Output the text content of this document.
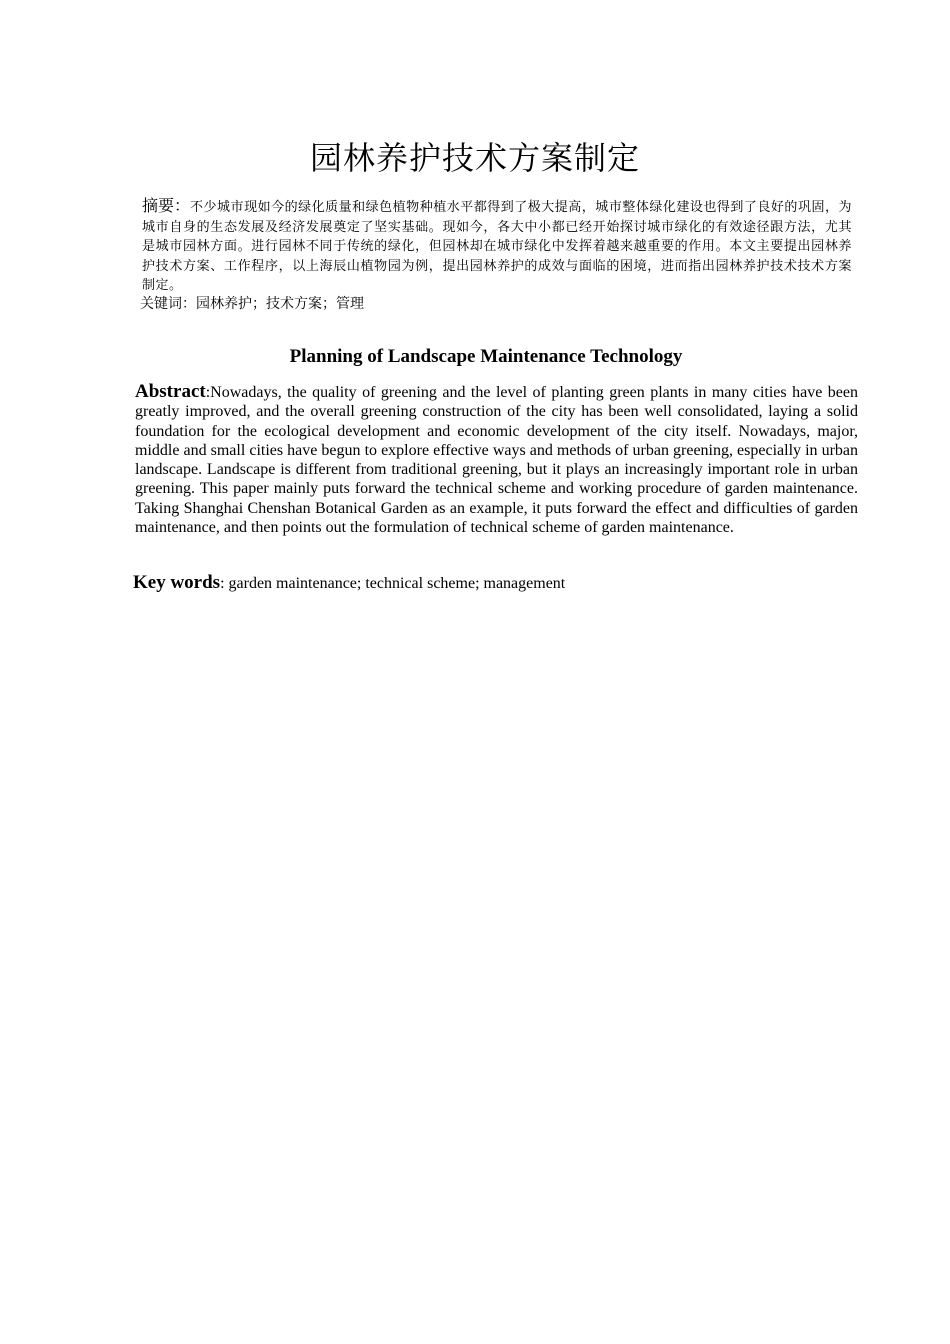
园林养护技术方案制定

摘要：不少城市现如今的绿化质量和绿色植物种植水平都得到了极大提高，城市整体绿化建设也得到了良好的巩固，为城市自身的生态发展及经济发展奠定了坚实基础。现如今，各大中小都已经开始探讨城市绿化的有效途径跟方法，尤其是城市园林方面。进行园林不同于传统的绿化，但园林却在城市绿化中发挥着越来越重要的作用。本文主要提出园林养护技术方案、工作程序，以上海辰山植物园为例，提出园林养护的成效与面临的困境，进而指出园林养护技术技术方案制定。

关键词：园林养护；技术方案；管理

Planning of Landscape Maintenance Technology

Abstract:Nowadays, the quality of greening and the level of planting green plants in many cities have been greatly improved, and the overall greening construction of the city has been well consolidated, laying a solid foundation for the ecological development and economic development of the city itself. Nowadays, major, middle and small cities have begun to explore effective ways and methods of urban greening, especially in urban landscape. Landscape is different from traditional greening, but it plays an increasingly important role in urban greening. This paper mainly puts forward the technical scheme and working procedure of garden maintenance. Taking Shanghai Chenshan Botanical Garden as an example, it puts forward the effect and difficulties of garden maintenance, and then points out the formulation of technical scheme of garden maintenance.

Key words: garden maintenance; technical scheme; management
